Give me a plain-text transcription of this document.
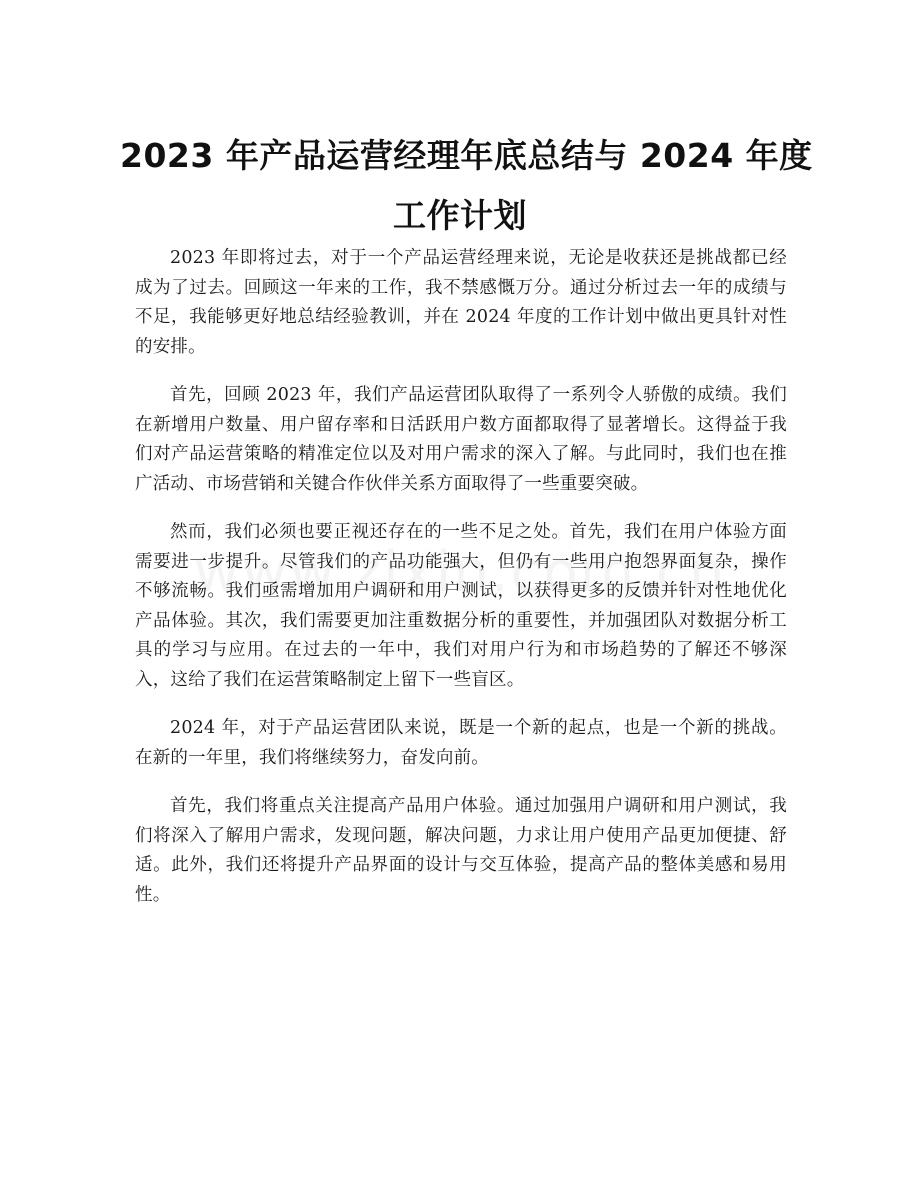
2023 年产品运营经理年底总结与 2024 年度
工作计划

2023 年即将过去，对于一个产品运营经理来说，无论是收获还是挑战都已经成为了过去。回顾这一年来的工作，我不禁感慨万分。通过分析过去一年的成绩与不足，我能够更好地总结经验教训，并在 2024 年度的工作计划中做出更具针对性的安排。

首先，回顾 2023 年，我们产品运营团队取得了一系列令人骄傲的成绩。我们在新增用户数量、用户留存率和日活跃用户数方面都取得了显著增长。这得益于我们对产品运营策略的精准定位以及对用户需求的深入了解。与此同时，我们也在推广活动、市场营销和关键合作伙伴关系方面取得了一些重要突破。

然而，我们必须也要正视还存在的一些不足之处。首先，我们在用户体验方面需要进一步提升。尽管我们的产品功能强大，但仍有一些用户抱怨界面复杂，操作不够流畅。我们亟需增加用户调研和用户测试，以获得更多的反馈并针对性地优化产品体验。其次，我们需要更加注重数据分析的重要性，并加强团队对数据分析工具的学习与应用。在过去的一年中，我们对用户行为和市场趋势的了解还不够深入，这给了我们在运营策略制定上留下一些盲区。

2024 年，对于产品运营团队来说，既是一个新的起点，也是一个新的挑战。在新的一年里，我们将继续努力，奋发向前。

首先，我们将重点关注提高产品用户体验。通过加强用户调研和用户测试，我们将深入了解用户需求，发现问题，解决问题，力求让用户使用产品更加便捷、舒适。此外，我们还将提升产品界面的设计与交互体验，提高产品的整体美感和易用性。
